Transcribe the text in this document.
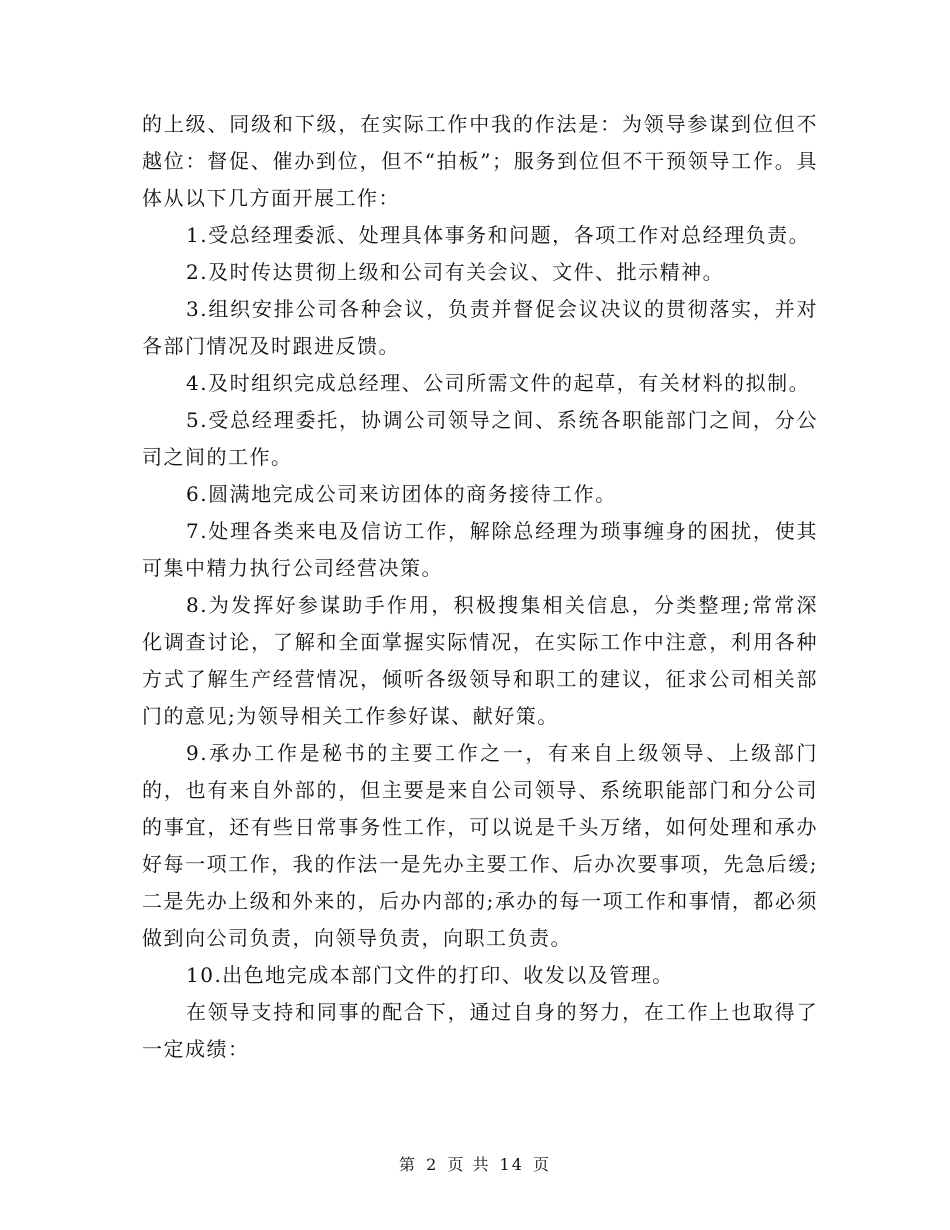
的上级、同级和下级，在实际工作中我的作法是：为领导参谋到位但不越位：督促、催办到位，但不“拍板”；服务到位但不干预领导工作。具体从以下几方面开展工作：

1.受总经理委派、处理具体事务和问题，各项工作对总经理负责。

2.及时传达贯彻上级和公司有关会议、文件、批示精神。

3.组织安排公司各种会议，负责并督促会议决议的贯彻落实，并对各部门情况及时跟进反馈。

4.及时组织完成总经理、公司所需文件的起草，有关材料的拟制。

5.受总经理委托，协调公司领导之间、系统各职能部门之间，分公司之间的工作。

6.圆满地完成公司来访团体的商务接待工作。

7.处理各类来电及信访工作，解除总经理为琐事缠身的困扰，使其可集中精力执行公司经营决策。

8.为发挥好参谋助手作用，积极搜集相关信息，分类整理;常常深化调查讨论，了解和全面掌握实际情况，在实际工作中注意，利用各种方式了解生产经营情况，倾听各级领导和职工的建议，征求公司相关部门的意见;为领导相关工作参好谋、献好策。

9.承办工作是秘书的主要工作之一，有来自上级领导、上级部门的，也有来自外部的，但主要是来自公司领导、系统职能部门和分公司的事宜，还有些日常事务性工作，可以说是千头万绪，如何处理和承办好每一项工作，我的作法一是先办主要工作、后办次要事项，先急后缓;二是先办上级和外来的，后办内部的;承办的每一项工作和事情，都必须做到向公司负责，向领导负责，向职工负责。

10.出色地完成本部门文件的打印、收发以及管理。

在领导支持和同事的配合下，通过自身的努力，在工作上也取得了一定成绩：

第 2 页 共 14 页
